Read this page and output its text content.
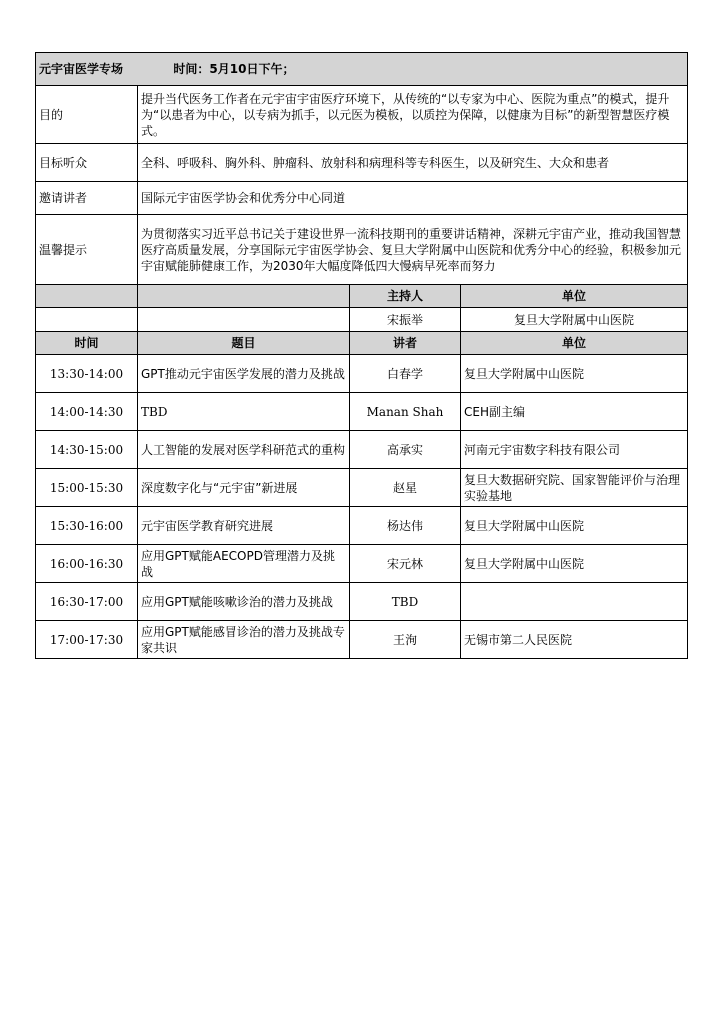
元宇宙医学专场 时间：5月10日下午；			
目的	提升当代医务工作者在元宇宙宇宙医疗环境下，从传统的“以专家为中心、医院为重点”的模式，提升为“以患者为中心，以专病为抓手，以元医为模板，以质控为保障，以健康为目标”的新型智慧医疗模式。		
目标听众	全科、呼吸科、胸外科、肿瘤科、放射科和病理科等专科医生，以及研究生、大众和患者		
邀请讲者	国际元宇宙医学协会和优秀分中心同道		
温馨提示	为贯彻落实习近平总书记关于建设世界一流科技期刊的重要讲话精神，深耕元宇宙产业，推动我国智慧医疗高质量发展，分享国际元宇宙医学协会、复旦大学附属中山医院和优秀分中心的经验，积极参加元宇宙赋能肺健康工作，为2030年大幅度降低四大慢病早死率而努力		
		主持人	单位
		宋振举	复旦大学附属中山医院
时间	题目	讲者	单位
13:30-14:00	GPT推动元宇宙医学发展的潜力及挑战	白春学	复旦大学附属中山医院
14:00-14:30	TBD	Manan Shah	CEH副主编
14:30-15:00	人工智能的发展对医学科研范式的重构	高承实	河南元宇宙数字科技有限公司
15:00-15:30	深度数字化与“元宇宙”新进展	赵星	复旦大数据研究院、国家智能评价与治理实验基地
15:30-16:00	元宇宙医学教育研究进展	杨达伟	复旦大学附属中山医院
16:00-16:30	应用GPT赋能AECOPD管理潜力及挑战	宋元林	复旦大学附属中山医院
16:30-17:00	应用GPT赋能咳嗽诊治的潜力及挑战	TBD	
17:00-17:30	应用GPT赋能感冒诊治的潜力及挑战专家共识	王洵	无锡市第二人民医院
